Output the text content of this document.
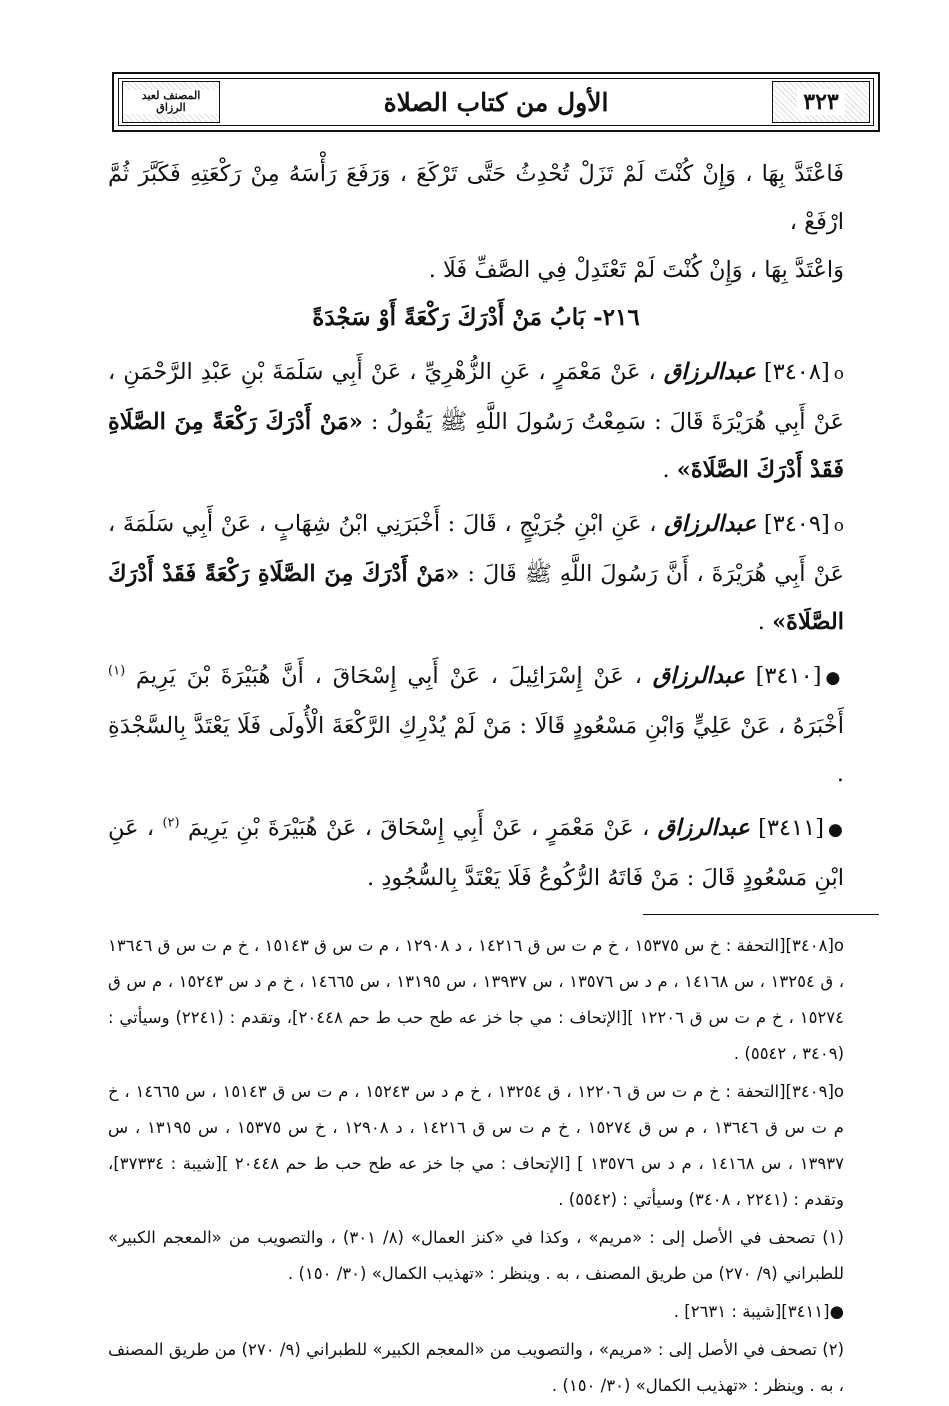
٣٢٣
الأول من كتاب الصلاة
المصنف لعبد الرزاق

فَاعْتَدَّ بِهَا ، وَإِنْ كُنْتَ لَمْ تَزَلْ تُحْدِثُ حَتَّى تَرْكَعَ ، وَرَفَعَ رَأْسَهُ مِنْ رَكْعَتِهِ فَكَبَّرَ ثُمَّ ارْفَعْ ،

وَاعْتَدَّ بِهَا ، وَإِنْ كُنْتَ لَمْ تَعْتَدِلْ فِي الصَّفِّ فَلَا .

٢١٦- بَابُ مَنْ أَدْرَكَ رَكْعَةً أَوْ سَجْدَةً

ο[٣٤٠٨] عبدالرزاق ، عَنْ مَعْمَرٍ ، عَنِ الزُّهْرِيِّ ، عَنْ أَبِي سَلَمَةَ بْنِ عَبْدِ الرَّحْمَنِ ، عَنْ أَبِي هُرَيْرَةَ قَالَ : سَمِعْتُ رَسُولَ اللَّهِ ﷺ يَقُولُ : «مَنْ أَدْرَكَ رَكْعَةً مِنَ الصَّلَاةِ فَقَدْ أَدْرَكَ الصَّلَاةَ» .

ο[٣٤٠٩] عبدالرزاق ، عَنِ ابْنِ جُرَيْجٍ ، قَالَ : أَخْبَرَنِي ابْنُ شِهَابٍ ، عَنْ أَبِي سَلَمَةَ ، عَنْ أَبِي هُرَيْرَةَ ، أَنَّ رَسُولَ اللَّهِ ﷺ قَالَ : «مَنْ أَدْرَكَ مِنَ الصَّلَاةِ رَكْعَةً فَقَدْ أَدْرَكَ الصَّلَاةَ» .

●[٣٤١٠] عبدالرزاق ، عَنْ إِسْرَائِيلَ ، عَنْ أَبِي إِسْحَاقَ ، أَنَّ هُبَيْرَةَ بْنَ يَرِيمَ $^{(١)}$ أَخْبَرَهُ ، عَنْ عَلِيٍّ وَابْنِ مَسْعُودٍ قَالَا : مَنْ لَمْ يُدْرِكِ الرَّكْعَةَ الْأُولَى فَلَا يَعْتَدَّ بِالسَّجْدَةِ .

●[٣٤١١] عبدالرزاق ، عَنْ مَعْمَرٍ ، عَنْ أَبِي إِسْحَاقَ ، عَنْ هُبَيْرَةَ بْنِ يَرِيمَ $^{(٢)}$ ، عَنِ ابْنِ مَسْعُودٍ قَالَ : مَنْ فَاتَهُ الرُّكُوعُ فَلَا يَعْتَدَّ بِالسُّجُودِ .

ο[٣٤٠٨][التحفة : خ س ١٥٣٧٥ ، خ م ت س ق ١٤٢١٦ ، د ١٢٩٠٨ ، م ت س ق ١٥١٤٣ ، خ م ت س ق ١٣٦٤٦ ، ق ١٣٢٥٤ ، س ١٤١٦٨ ، م د س ١٣٥٧٦ ، س ١٣٩٣٧ ، س ١٣١٩٥ ، س ١٤٦٦٥ ، خ م د س ١٥٢٤٣ ، م س ق ١٥٢٧٤ ، خ م ت س ق ١٢٢٠٦ ][الإتحاف : مي جا خز عه طح حب ط حم ٢٠٤٤٨]، وتقدم : (٢٢٤١) وسيأتي : (٣٤٠٩ ، ٥٥٤٢) .

ο[٣٤٠٩][التحفة : خ م ت س ق ١٢٢٠٦ ، ق ١٣٢٥٤ ، خ م د س ١٥٢٤٣ ، م ت س ق ١٥١٤٣ ، س ١٤٦٦٥ ، خ م ت س ق ١٣٦٤٦ ، م س ق ١٥٢٧٤ ، خ م ت س ق ١٤٢١٦ ، د ١٢٩٠٨ ، خ س ١٥٣٧٥ ، س ١٣١٩٥ ، س ١٣٩٣٧ ، س ١٤١٦٨ ، م د س ١٣٥٧٦ ] [الإتحاف : مي جا خز عه طح حب ط حم ٢٠٤٤٨ ][شيبة : ٣٧٣٣٤]، وتقدم : (٢٢٤١ ، ٣٤٠٨) وسيأتي : (٥٥٤٢) .

(١) تصحف في الأصل إلى : «مريم» ، وكذا في «كنز العمال» (٨/ ٣٠١) ، والتصويب من «المعجم الكبير» للطبراني (٩/ ٢٧٠) من طريق المصنف ، به . وينظر : «تهذيب الكمال» (٣٠/ ١٥٠) .

●[٣٤١١][شيبة : ٢٦٣١] .

(٢) تصحف في الأصل إلى : «مريم» ، والتصويب من «المعجم الكبير» للطبراني (٩/ ٢٧٠) من طريق المصنف ، به . وينظر : «تهذيب الكمال» (٣٠/ ١٥٠) .
